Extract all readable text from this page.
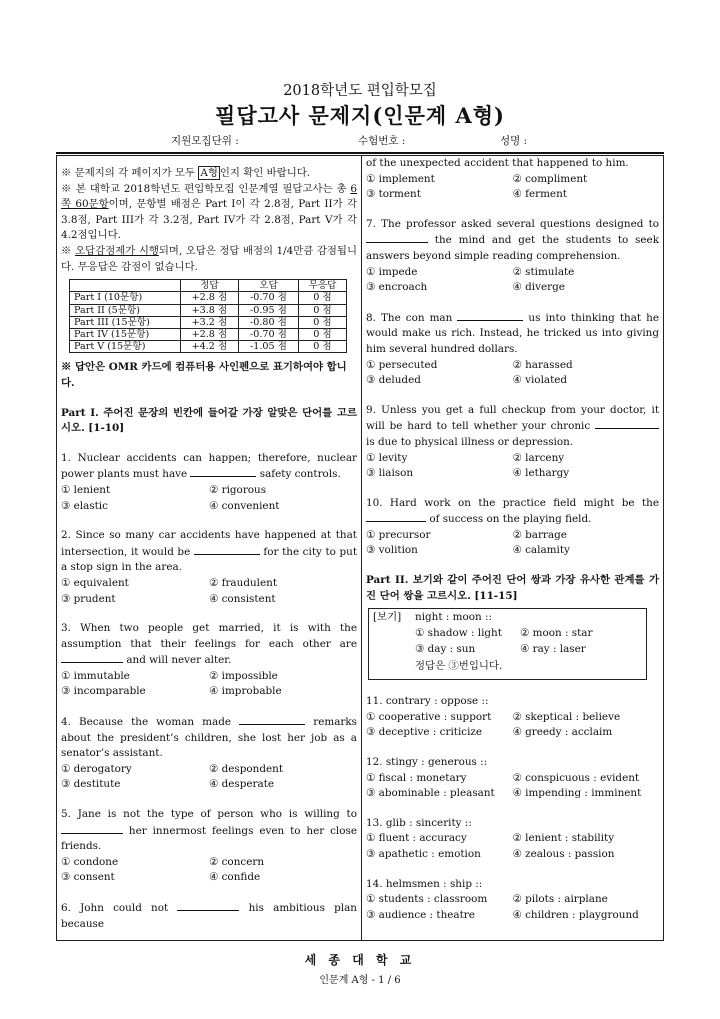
2018학년도 편입학모집
필답고사 문제지(인문계 A형)
지원모집단위 :	수험번호 :	성명 :
※ 문제지의 각 페이지가 모두 A형 인지 확인 바랍니다.
※ 본 대학교 2018학년도 편입학모집 인문계열 필답고사는 총 6쪽 60문항이며, 문항별 배점은 Part I이 각 2.8점, Part II가 각 3.8점, Part III가 각 3.2점, Part IV가 각 2.8점, Part V가 각 4.2점입니다.
※ 오답감점제가 시행되며, 오답은 정답 배점의 1/4만큼 감점됩니다. 무응답은 감점이 없습니다.
	정답	오답	무응답
Part I (10문항)	+2.8 점	-0.70 점	0 점
Part II (5문항)	+3.8 점	-0.95 점	0 점
Part III (15문항)	+3.2 점	-0.80 점	0 점
Part IV (15문항)	+2.8 점	-0.70 점	0 점
Part V (15문항)	+4.2 점	-1.05 점	0 점
※ 답안은 OMR 카드에 컴퓨터용 사인펜으로 표기하여야 합니다.
Part I. 주어진 문장의 빈칸에 들어갈 가장 알맞은 단어를 고르시오. [1-10]
1. Nuclear accidents can happen; therefore, nuclear power plants must have	safety controls.
① lenient	② rigorous
③ elastic	④ convenient
2. Since so many car accidents have happened at that intersection, it would be	for the city to put a stop sign in the area.
① equivalent	② fraudulent
③ prudent	④ consistent
3. When two people get married, it is with the assumption that their feelings for each other are  and will never alter.
① immutable	② impossible
③ incomparable	④ improbable
4. Because the woman made	remarks about the president’s children, she lost her job as a senator’s assistant.
① derogatory	② despondent
③ destitute	④ desperate
5. Jane is not the type of person who is willing to  her innermost feelings even to her close friends.
① condone	② concern
③ consent	④ confide
6. John could not	his ambitious plan because
of the unexpected accident that happened to him.
① implement	② compliment
③ torment	④ ferment
7. The professor asked several questions designed to  the mind and get the students to seek answers beyond simple reading comprehension.
① impede	② stimulate
③ encroach	④ diverge
8. The con man	us into thinking that he would make us rich. Instead, he tricked us into giving him several hundred dollars.
① persecuted	② harassed
③ deluded	④ violated
9. Unless you get a full checkup from your doctor, it will be hard to tell whether your chronic  is due to physical illness or depression.
① levity	② larceny
③ liaison	④ lethargy
10. Hard work on the practice field might be the  of success on the playing field.
① precursor	② barrage
③ volition	④ calamity
Part II. 보기와 같이 주어진 단어 쌍과 가장 유사한 관계를 가진 단어 쌍을 고르시오. [11-15]
[보기] night : moon ::
① shadow : light ② moon : star
③ day : sun	④ ray : laser
정답은 ③번입니다.
11. contrary : oppose ::
① cooperative : support	② skeptical : believe
③ deceptive : criticize	④ greedy : acclaim
12. stingy : generous ::
① fiscal : monetary	② conspicuous : evident
③ abominable : pleasant	④ impending : imminent
13. glib : sincerity ::
① fluent : accuracy	② lenient : stability
③ apathetic : emotion	④ zealous : passion
14. helmsmen : ship ::
① students : classroom	② pilots : airplane
③ audience : theatre	④ children : playground
세 종 대 학 교
인문계 A형 - 1 / 6
